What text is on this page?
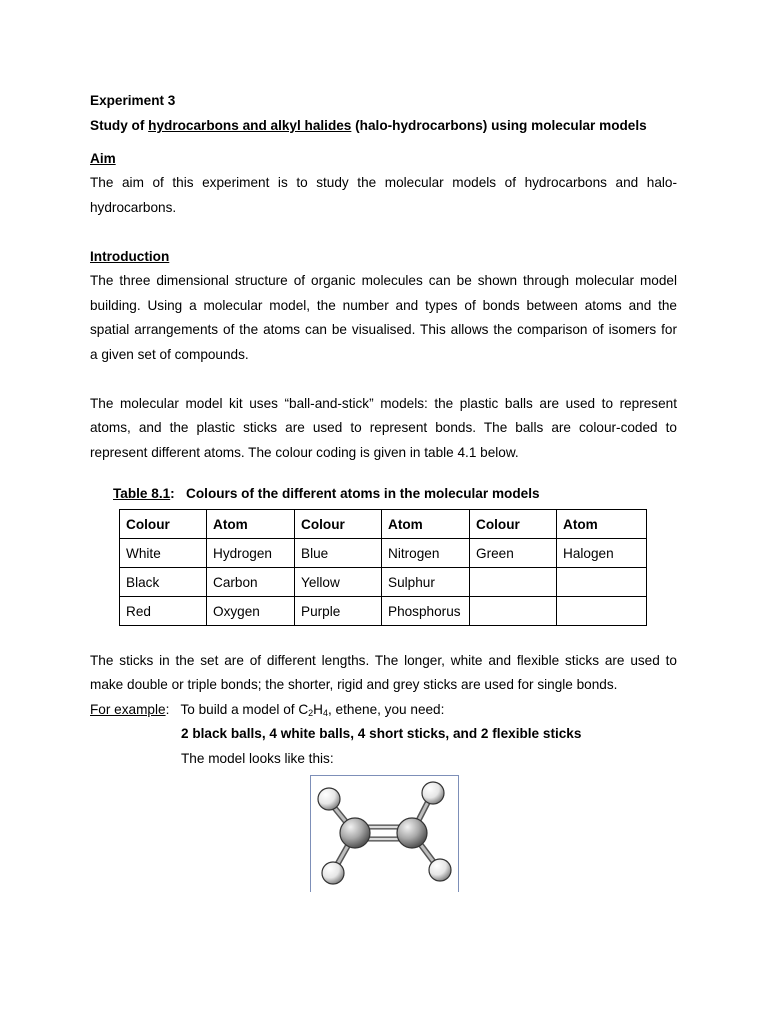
Experiment 3
Study of hydrocarbons and alkyl halides (halo-hydrocarbons) using molecular models
Aim
The aim of this experiment is to study the molecular models of hydrocarbons and halo-
hydrocarbons.
Introduction
The three dimensional structure of organic molecules can be shown through molecular model
building. Using a molecular model, the number and types of bonds between atoms and the
spatial arrangements of the atoms can be visualised. This allows the comparison of isomers for
a given set of compounds.
The molecular model kit uses “ball-and-stick” models: the plastic balls are used to represent
atoms, and the plastic sticks are used to represent bonds. The balls are colour-coded to
represent different atoms. The colour coding is given in table 4.1 below.
Table 8.1: Colours of the different atoms in the molecular models
Colour	Atom	Colour	Atom	Colour	Atom
White	Hydrogen	Blue	Nitrogen	Green	Halogen
Black	Carbon	Yellow	Sulphur		
Red	Oxygen	Purple	Phosphorus		
The sticks in the set are of different lengths. The longer, white and flexible sticks are used to
make double or triple bonds; the shorter, rigid and grey sticks are used for single bonds.
For example: To build a model of $C_2H_4$, ethene, you need:
2 black balls, 4 white balls, 4 short sticks, and 2 flexible sticks
The model looks like this:
